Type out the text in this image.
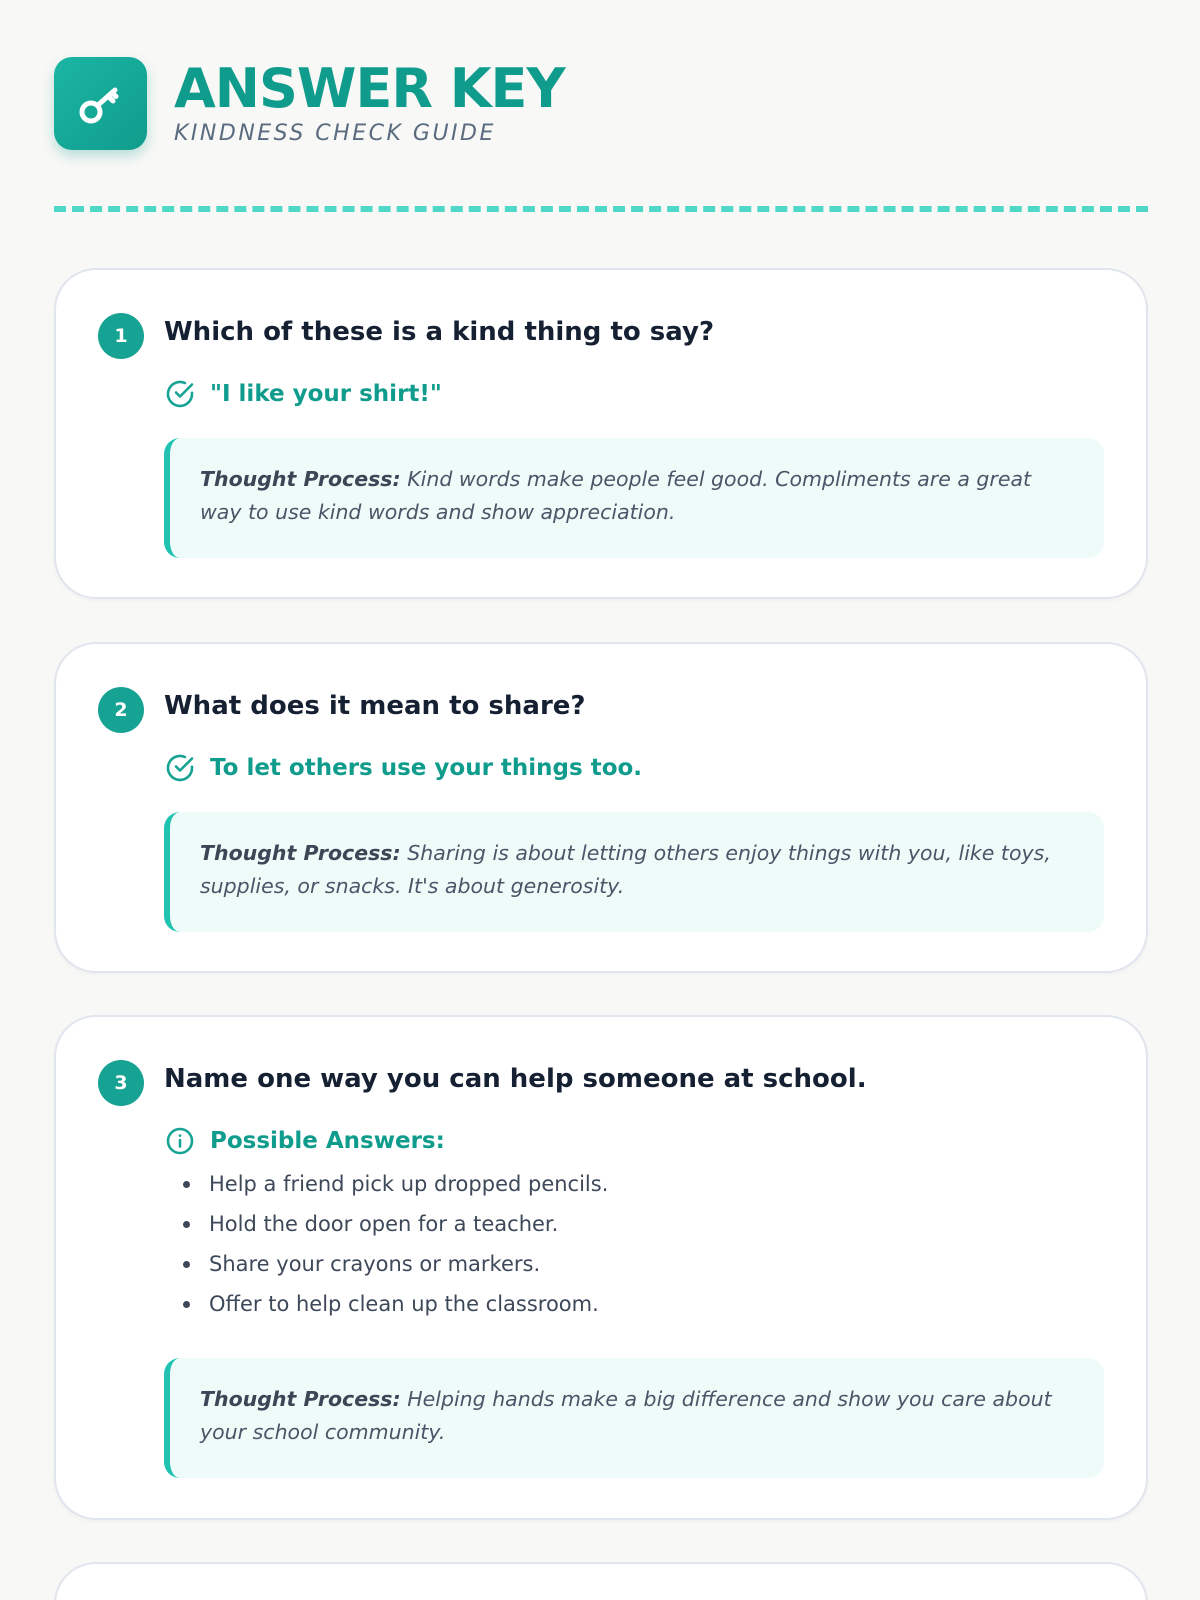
ANSWER KEY
KINDNESS CHECK GUIDE
1	Which of these is a kind thing to say?
"I like your shirt!"
Thought Process: Kind words make people feel good. Compliments are a great way to use kind words and show appreciation.
2	What does it mean to share?
To let others use your things too.
Thought Process: Sharing is about letting others enjoy things with you, like toys, supplies, or snacks. It's about generosity.
3	Name one way you can help someone at school.
Possible Answers:
Help a friend pick up dropped pencils.
Hold the door open for a teacher.
Share your crayons or markers.
Offer to help clean up the classroom.
Thought Process: Helping hands make a big difference and show you care about your school community.
